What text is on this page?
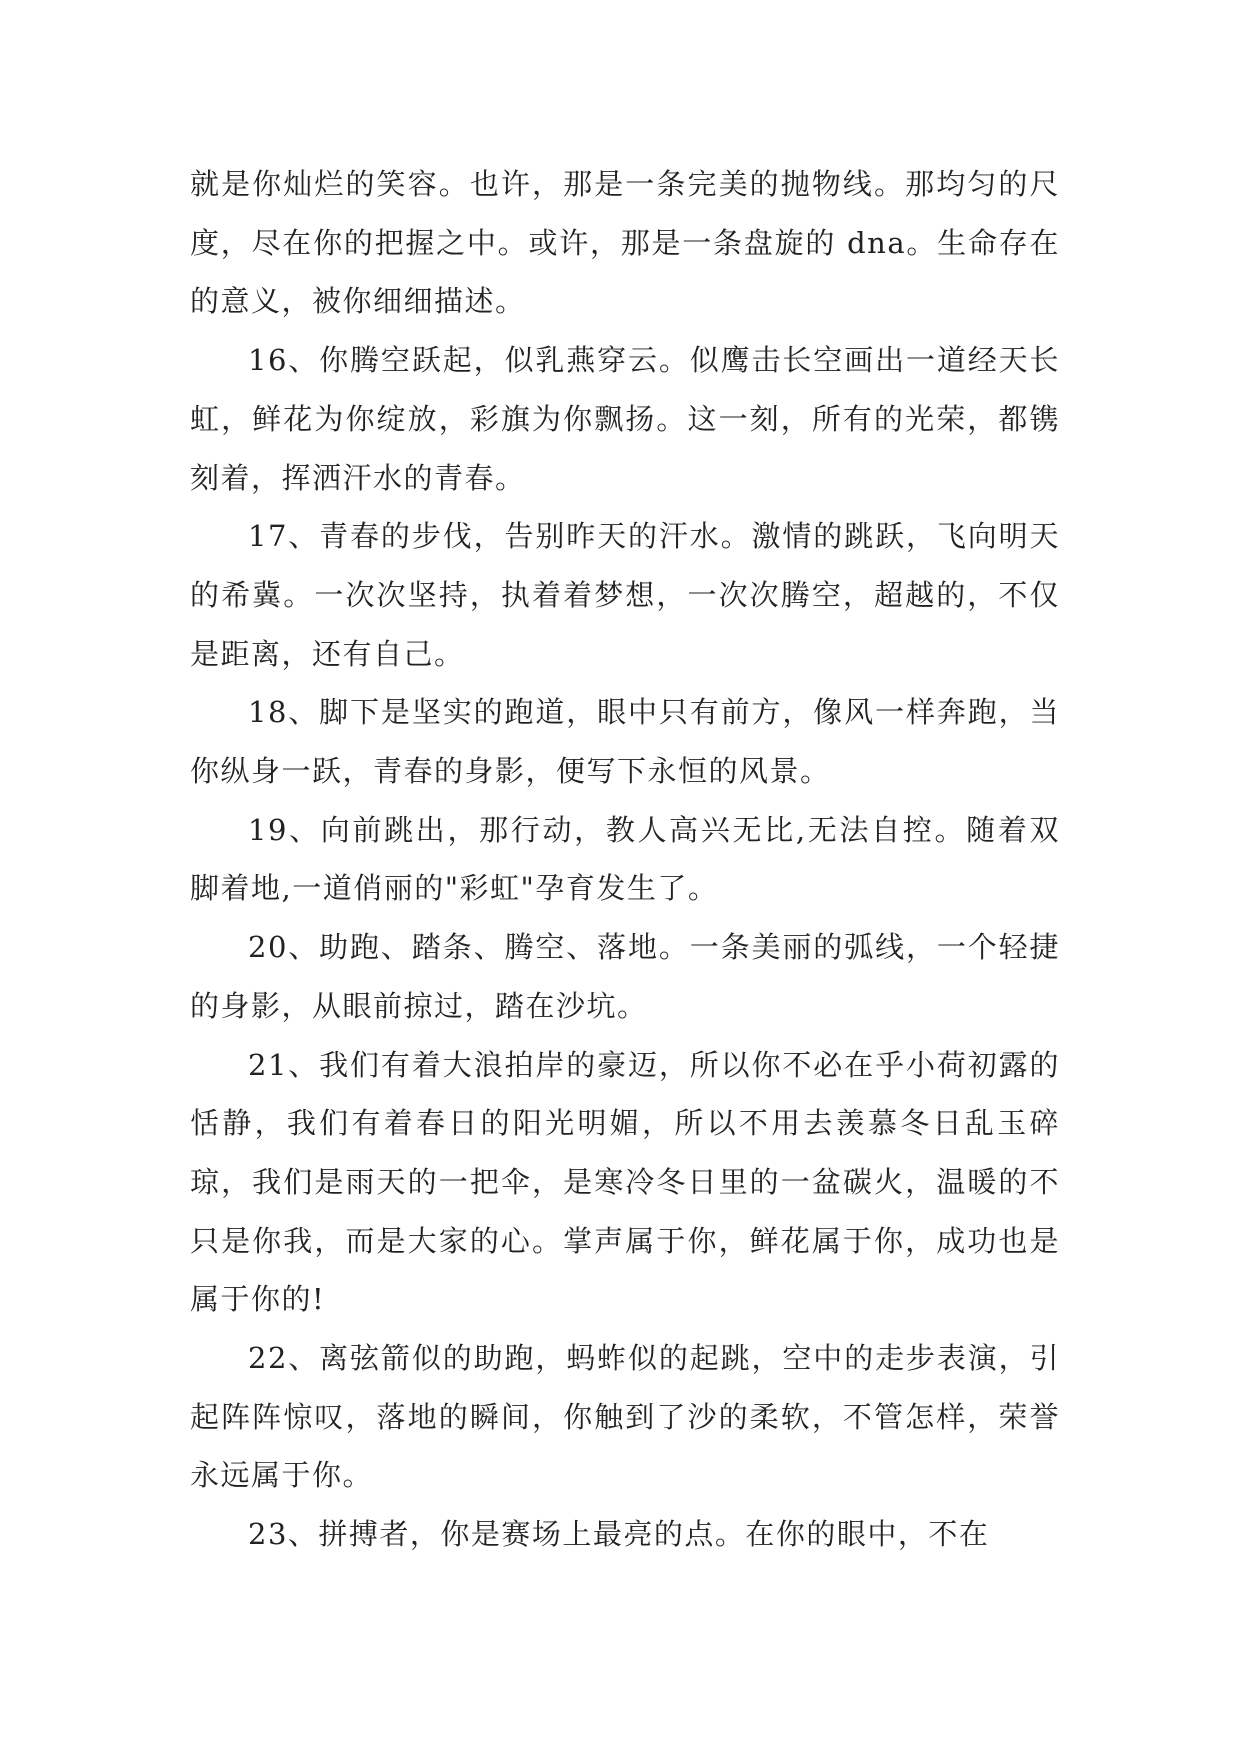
就是你灿烂的笑容。也许，那是一条完美的抛物线。那均匀的尺度，尽在你的把握之中。或许，那是一条盘旋的 dna。生命存在的意义，被你细细描述。

16、你腾空跃起，似乳燕穿云。似鹰击长空画出一道经天长虹，鲜花为你绽放，彩旗为你飘扬。这一刻，所有的光荣，都镌刻着，挥洒汗水的青春。

17、青春的步伐，告别昨天的汗水。激情的跳跃，飞向明天的希冀。一次次坚持，执着着梦想，一次次腾空，超越的，不仅是距离，还有自己。

18、脚下是坚实的跑道，眼中只有前方，像风一样奔跑，当你纵身一跃，青春的身影，便写下永恒的风景。

19、向前跳出，那行动，教人高兴无比,无法自控。随着双脚着地,一道俏丽的"彩虹"孕育发生了。

20、助跑、踏条、腾空、落地。一条美丽的弧线，一个轻捷的身影，从眼前掠过，踏在沙坑。

21、我们有着大浪拍岸的豪迈，所以你不必在乎小荷初露的恬静，我们有着春日的阳光明媚，所以不用去羡慕冬日乱玉碎琼，我们是雨天的一把伞，是寒冷冬日里的一盆碳火，温暖的不只是你我，而是大家的心。掌声属于你，鲜花属于你，成功也是属于你的!

22、离弦箭似的助跑，蚂蚱似的起跳，空中的走步表演，引起阵阵惊叹，落地的瞬间，你触到了沙的柔软，不管怎样，荣誉永远属于你。

23、拼搏者，你是赛场上最亮的点。在你的眼中，不在
